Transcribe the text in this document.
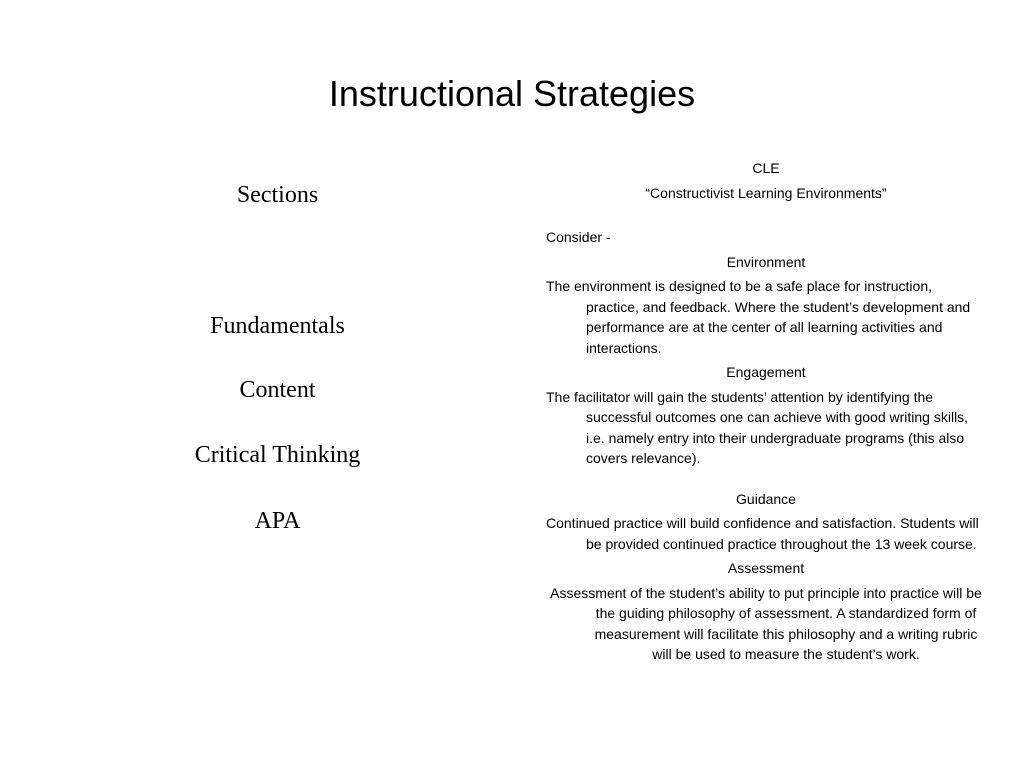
Instructional Strategies
Sections
Fundamentals
Content
Critical Thinking
APA

CLE

“Constructivist Learning Environments”

Consider -

Environment

The environment is designed to be a safe place for instruction, practice, and feedback. Where the student’s development and performance are at the center of all learning activities and interactions.

Engagement

The facilitator will gain the students’ attention by identifying the successful outcomes one can achieve with good writing skills, i.e. namely entry into their undergraduate programs (this also covers relevance).

Guidance

Continued practice will build confidence and satisfaction. Students will be provided continued practice throughout the 13 week course.

Assessment

Assessment of the student’s ability to put principle into practice will be the guiding philosophy of assessment. A standardized form of measurement will facilitate this philosophy and a writing rubric will be used to measure the student’s work.
